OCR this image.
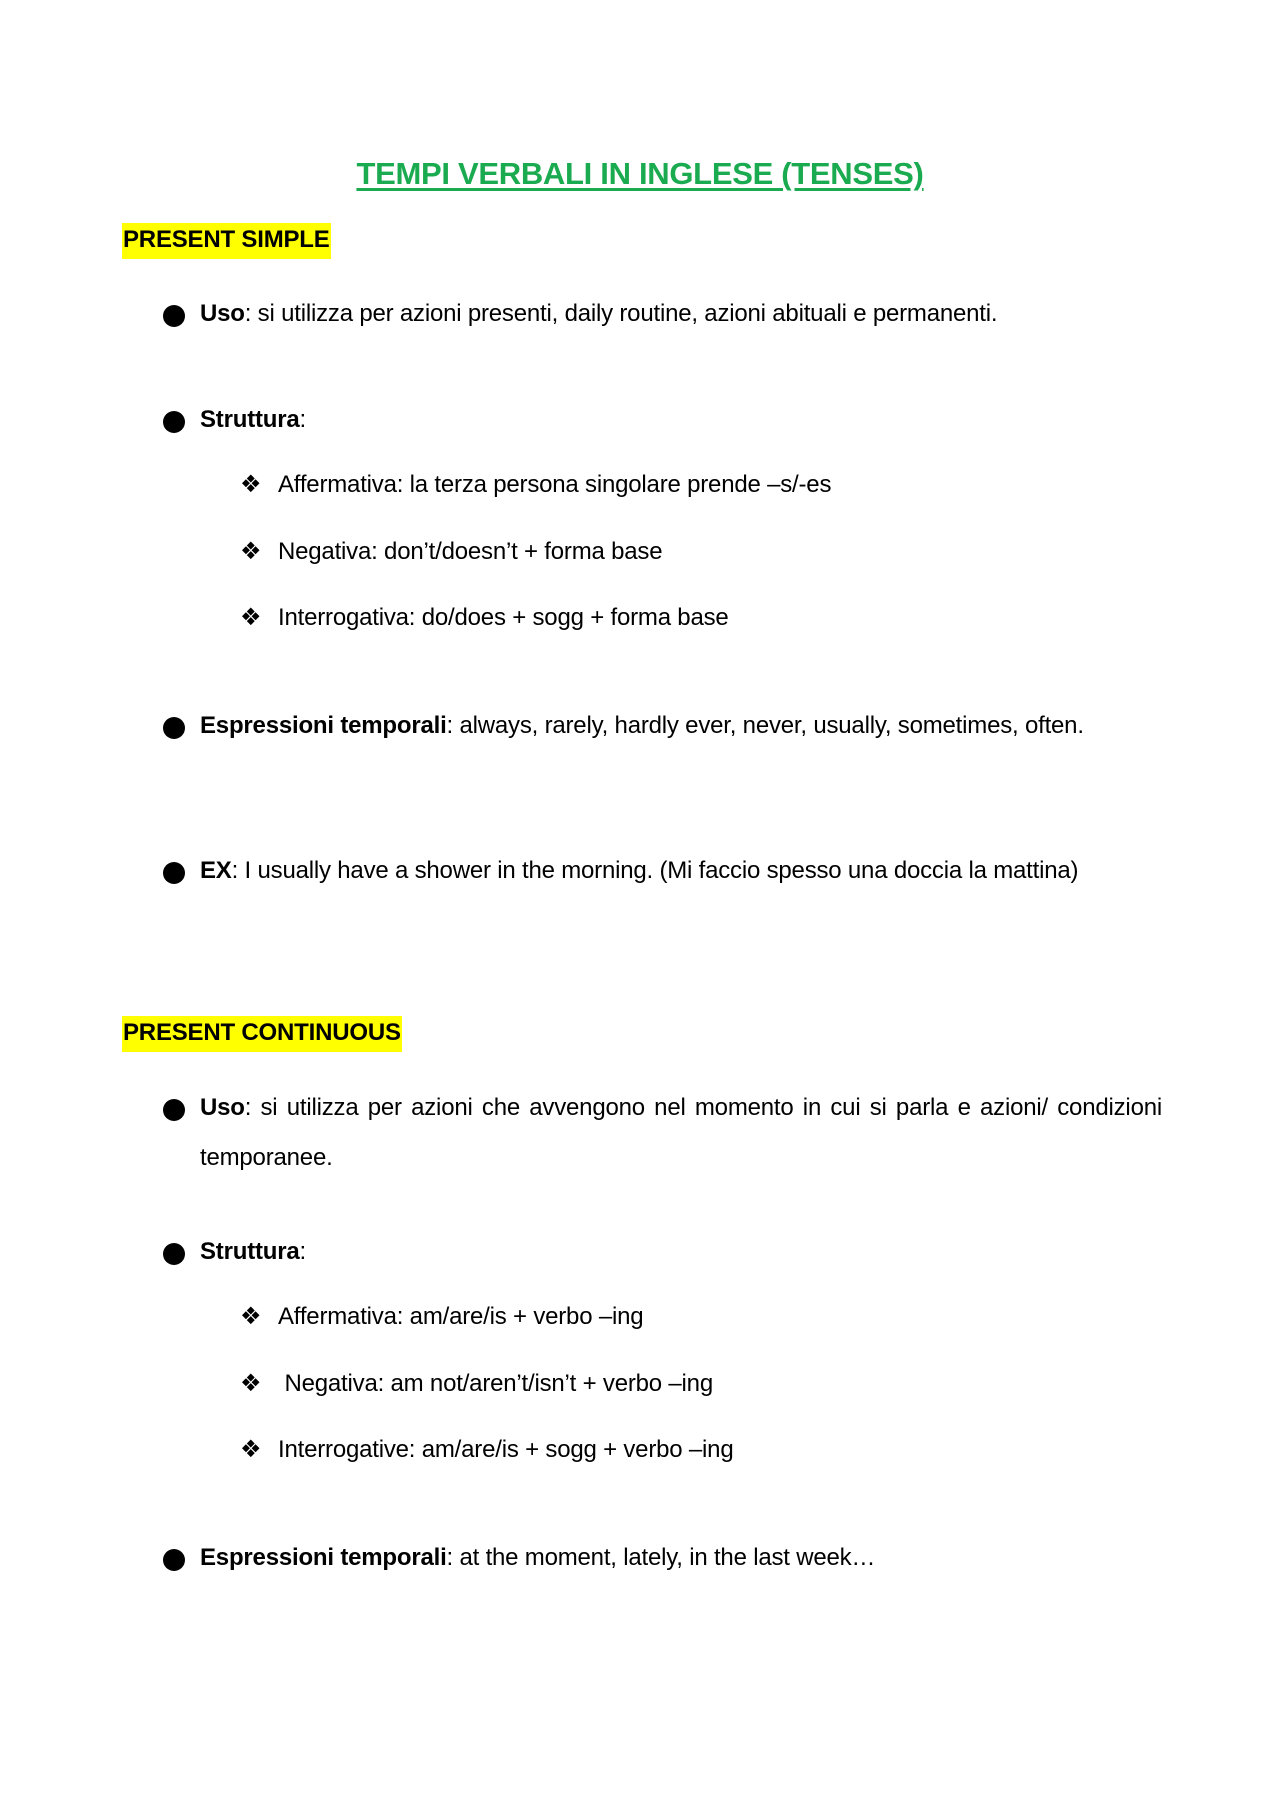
TEMPI VERBALI IN INGLESE (TENSES)
PRESENT SIMPLE
Uso: si utilizza per azioni presenti, daily routine, azioni abituali e permanenti.
Struttura:
❖ Affermativa: la terza persona singolare prende –s/-es
❖ Negativa: don’t/doesn’t + forma base
❖ Interrogativa: do/does + sogg + forma base
Espressioni temporali: always, rarely, hardly ever, never, usually, sometimes, often.
EX: I usually have a shower in the morning. (Mi faccio spesso una doccia la mattina)
PRESENT CONTINUOUS
Uso: si utilizza per azioni che avvengono nel momento in cui si parla e azioni/ condizioni temporanee.
Struttura:
❖ Affermativa: am/are/is + verbo –ing
❖ Negativa: am not/aren’t/isn’t + verbo –ing
❖ Interrogative: am/are/is + sogg + verbo –ing
Espressioni temporali: at the moment, lately, in the last week…
